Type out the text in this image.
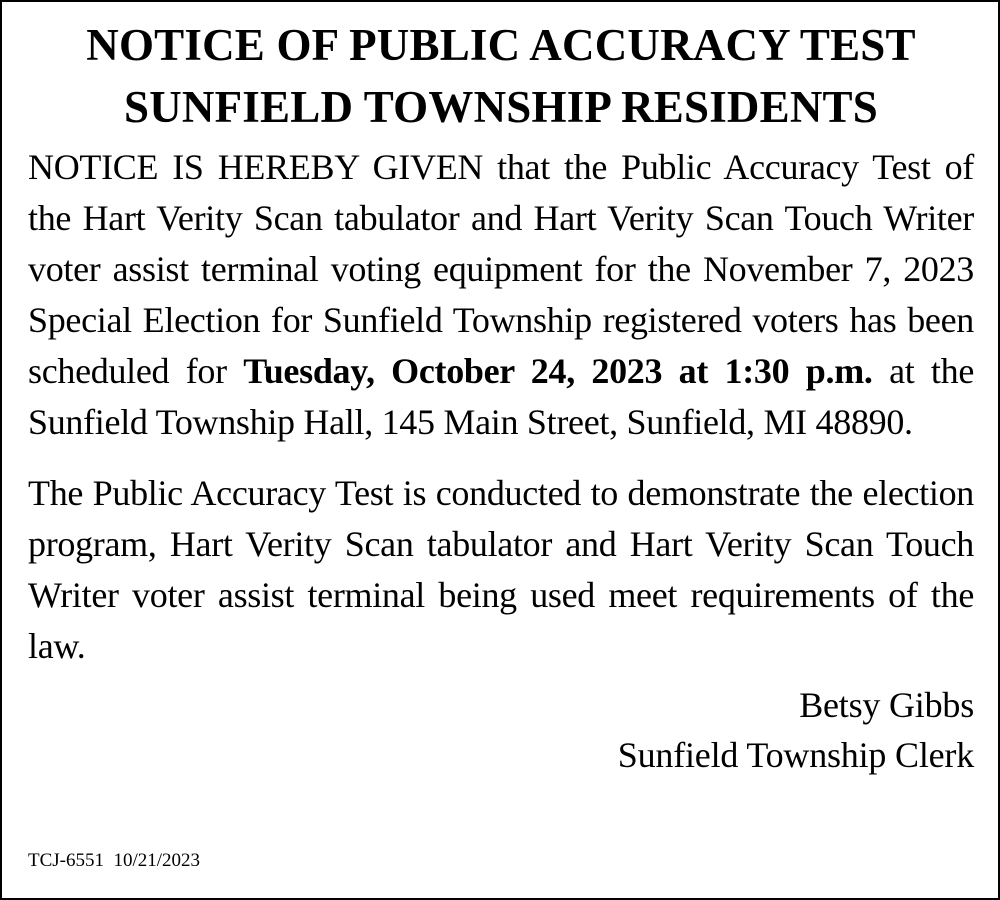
NOTICE OF PUBLIC ACCURACY TEST
SUNFIELD TOWNSHIP RESIDENTS

NOTICE IS HEREBY GIVEN that the Public Accuracy Test of the Hart Verity Scan tabulator and Hart Verity Scan Touch Writer voter assist terminal voting equipment for the November 7, 2023 Special Election for Sunfield Township registered voters has been scheduled for Tuesday, October 24, 2023 at 1:30 p.m. at the Sunfield Township Hall, 145 Main Street, Sunfield, MI 48890.

The Public Accuracy Test is conducted to demonstrate the election program, Hart Verity Scan tabulator and Hart Verity Scan Touch Writer voter assist terminal being used meet requirements of the law.

Betsy Gibbs

Sunfield Township Clerk

TCJ-6551  10/21/2023
